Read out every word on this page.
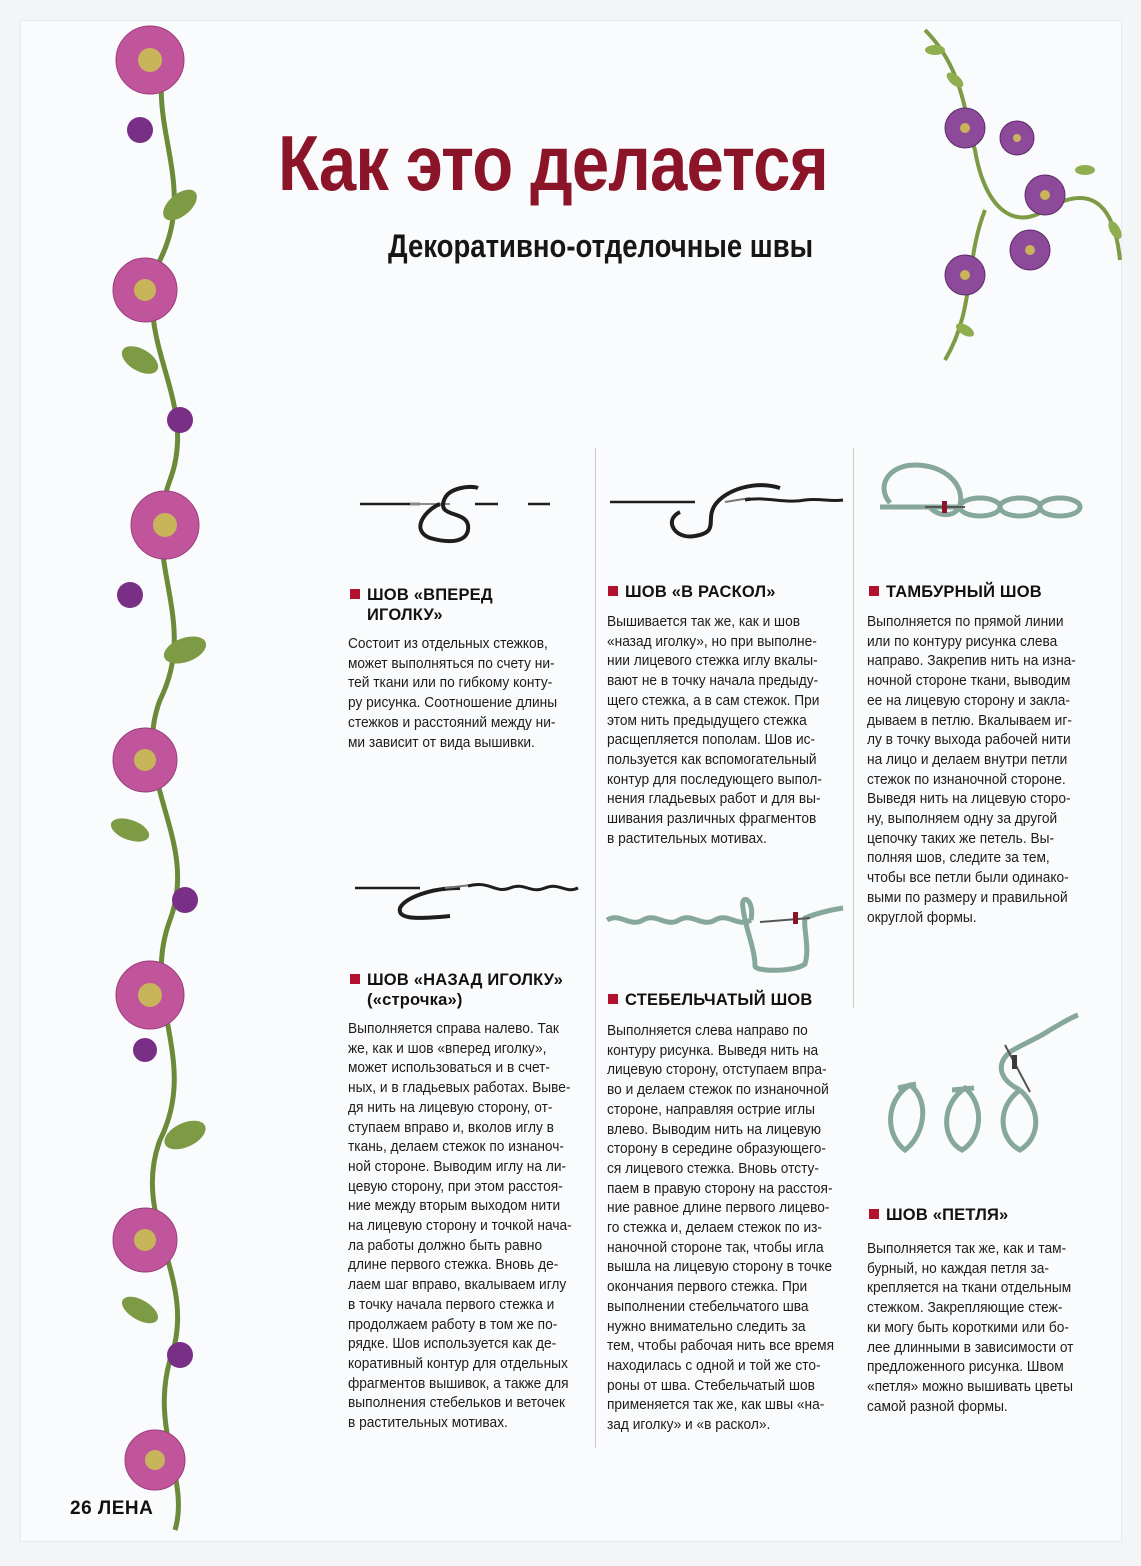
Как это делается
Декоративно-отделочные швы
ШОВ «ВПЕРЕД
ИГОЛКУ»
Состоит из отдельных стежков,
может выполняться по счету ни-
тей ткани или по гибкому конту-
ру рисунка. Соотношение длины
стежков и расстояний между ни-
ми зависит от вида вышивки.
ШОВ «НАЗАД ИГОЛКУ»
(«строчка»)
Выполняется справа налево. Так
же, как и шов «вперед иголку»,
может использоваться и в счет-
ных, и в гладьевых работах. Выве-
дя нить на лицевую сторону, от-
ступаем вправо и, вколов иглу в
ткань, делаем стежок по изнаноч-
ной стороне. Выводим иглу на ли-
цевую сторону, при этом расстоя-
ние между вторым выходом нити
на лицевую сторону и точкой нача-
ла работы должно быть равно
длине первого стежка. Вновь де-
лаем шаг вправо, вкалываем иглу
в точку начала первого стежка и
продолжаем работу в том же по-
рядке. Шов используется как де-
коративный контур для отдельных
фрагментов вышивок, а также для
выполнения стебельков и веточек
в растительных мотивах.
ШОВ «В РАСКОЛ»
Вышивается так же, как и шов
«назад иголку», но при выполне-
нии лицевого стежка иглу вкалы-
вают не в точку начала предыду-
щего стежка, а в сам стежок. При
этом нить предыдущего стежка
расщепляется пополам. Шов ис-
пользуется как вспомогательный
контур для последующего выпол-
нения гладьевых работ и для вы-
шивания различных фрагментов
в растительных мотивах.
СТЕБЕЛЬЧАТЫЙ ШОВ
Выполняется слева направо по
контуру рисунка. Выведя нить на
лицевую сторону, отступаем впра-
во и делаем стежок по изнаночной
стороне, направляя острие иглы
влево. Выводим нить на лицевую
сторону в середине образующего-
ся лицевого стежка. Вновь отсту-
паем в правую сторону на расстоя-
ние равное длине первого лицево-
го стежка и, делаем стежок по из-
наночной стороне так, чтобы игла
вышла на лицевую сторону в точке
окончания первого стежка. При
выполнении стебельчатого шва
нужно внимательно следить за
тем, чтобы рабочая нить все время
находилась с одной и той же сто-
роны от шва. Стебельчатый шов
применяется так же, как швы «на-
зад иголку» и «в раскол».
ТАМБУРНЫЙ ШОВ
Выполняется по прямой линии
или по контуру рисунка слева
направо. Закрепив нить на изна-
ночной стороне ткани, выводим
ее на лицевую сторону и закла-
дываем в петлю. Вкалываем иг-
лу в точку выхода рабочей нити
на лицо и делаем внутри петли
стежок по изнаночной стороне.
Выведя нить на лицевую сторо-
ну, выполняем одну за другой
цепочку таких же петель. Вы-
полняя шов, следите за тем,
чтобы все петли были одинако-
выми по размеру и правильной
округлой формы.
ШОВ «ПЕТЛЯ»
Выполняется так же, как и там-
бурный, но каждая петля за-
крепляется на ткани отдельным
стежком. Закрепляющие стеж-
ки могу быть короткими или бо-
лее длинными в зависимости от
предложенного рисунка. Швом
«петля» можно вышивать цветы
самой разной формы.
26 ЛЕНА
